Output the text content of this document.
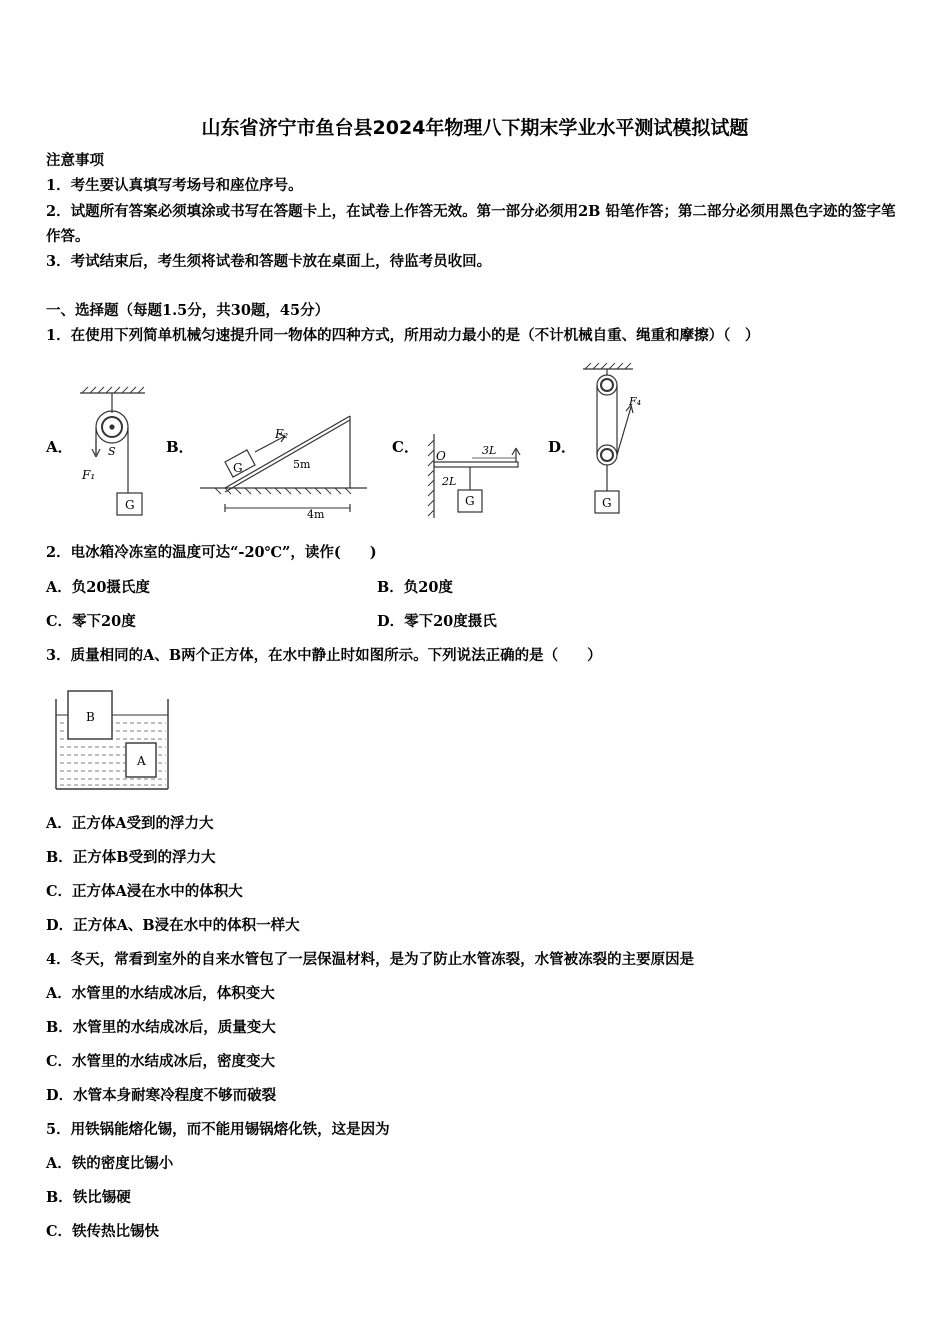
山东省济宁市鱼台县2024年物理八下期末学业水平测试模拟试题
注意事项
1．考生要认真填写考场号和座位序号。
2．试题所有答案必须填涂或书写在答题卡上，在试卷上作答无效。第一部分必须用2B 铅笔作答；第二部分必须用黑色字迹的签字笔作答。
3．考试结束后，考生须将试卷和答题卡放在桌面上，待监考员收回。
一、选择题（每题1.5分，共30题，45分）
1．在使用下列简单机械匀速提升同一物体的四种方式，所用动力最小的是（不计机械自重、绳重和摩擦）（　）
A．	B．	C．	D．
F₁
S
G
G
F₂
5m
4m
O	3L
2L
G
F₄
G
2．电冰箱冷冻室的温度可达“-20℃”，读作(　　)
A．负20摄氏度	B．负20度
C．零下20度	D．零下20度摄氏
3．质量相同的A、B两个正方体，在水中静止时如图所示。下列说法正确的是（　　）
B
A
A．正方体A受到的浮力大
B．正方体B受到的浮力大
C．正方体A浸在水中的体积大
D．正方体A、B浸在水中的体积一样大
4．冬天，常看到室外的自来水管包了一层保温材料，是为了防止水管冻裂，水管被冻裂的主要原因是
A．水管里的水结成冰后，体积变大
B．水管里的水结成冰后，质量变大
C．水管里的水结成冰后，密度变大
D．水管本身耐寒冷程度不够而破裂
5．用铁锅能熔化锡，而不能用锡锅熔化铁，这是因为
A．铁的密度比锡小
B．铁比锡硬
C．铁传热比锡快
